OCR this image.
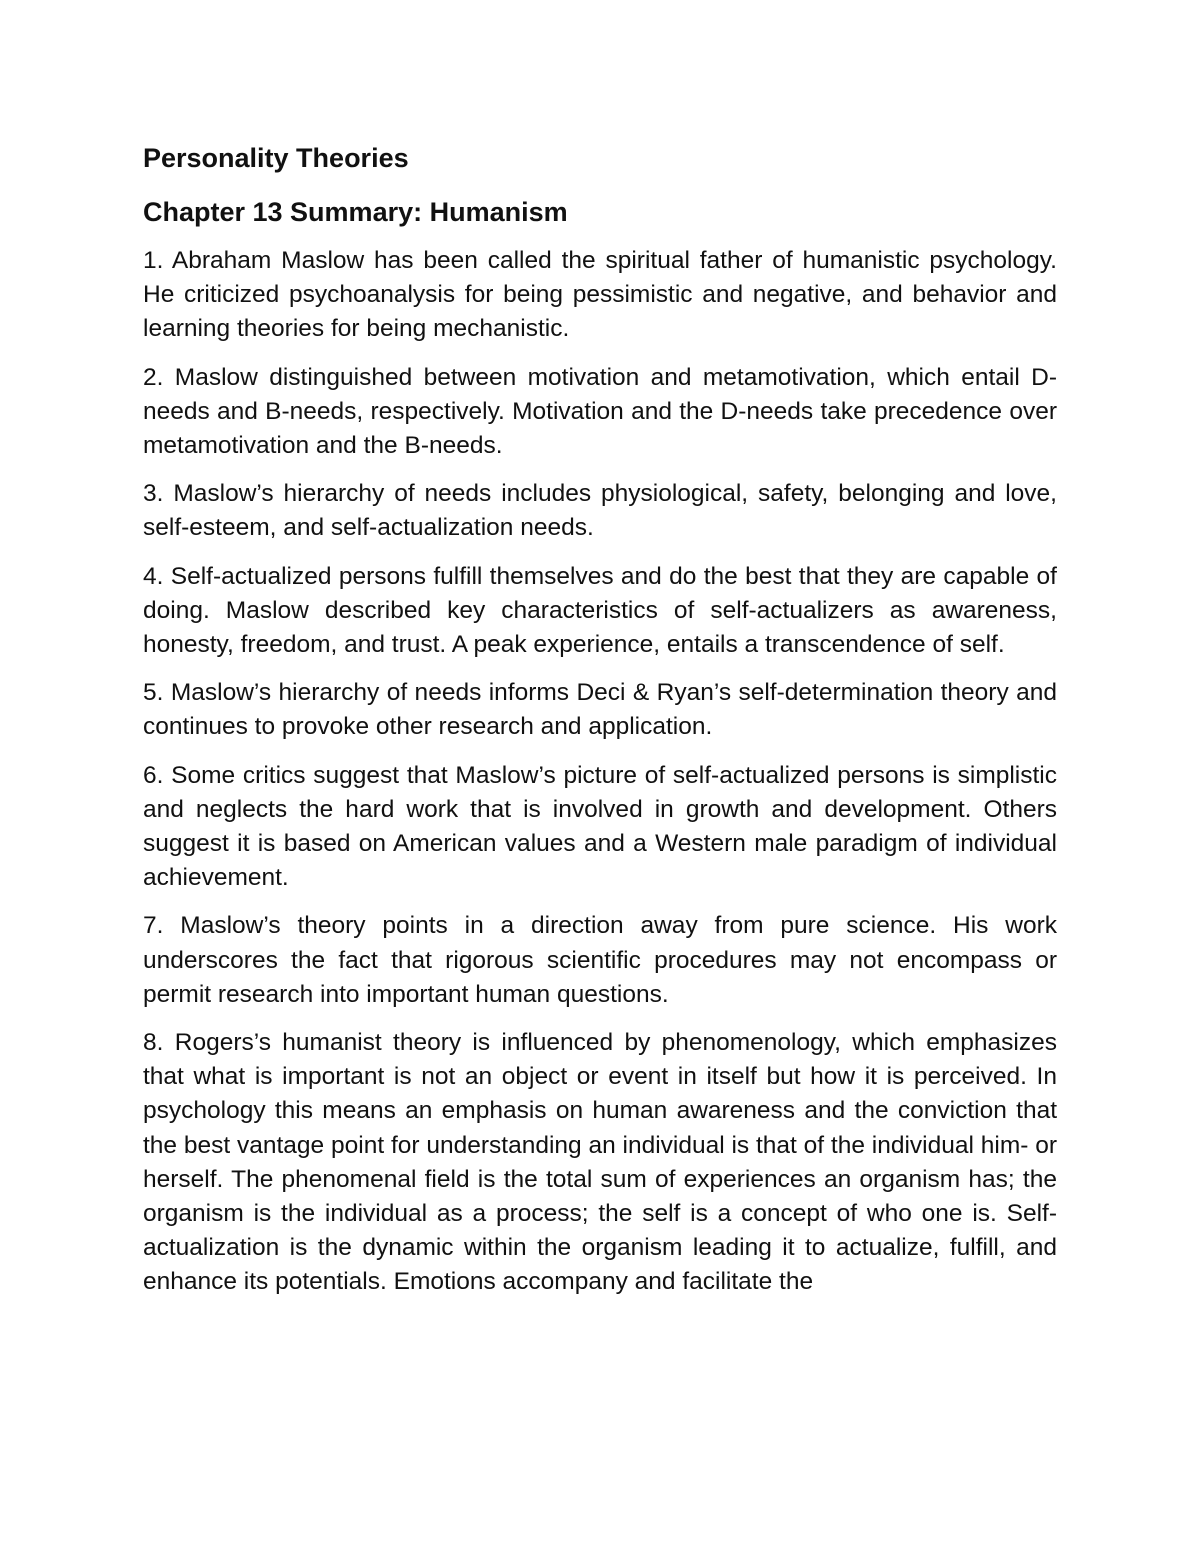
Personality Theories
Chapter 13 Summary: Humanism

1. Abraham Maslow has been called the spiritual father of humanistic psychology. He criticized psychoanalysis for being pessimistic and negative, and behavior and learning theories for being mechanistic.

2. Maslow distinguished between motivation and metamotivation, which entail D-needs and B-needs, respectively. Motivation and the D-needs take precedence over metamotivation and the B-needs.

3. Maslow’s hierarchy of needs includes physiological, safety, belonging and love, self-esteem, and self-actualization needs.

4. Self-actualized persons fulfill themselves and do the best that they are capable of doing. Maslow described key characteristics of self-actualizers as awareness, honesty, freedom, and trust. A peak experience, entails a transcendence of self.

5. Maslow’s hierarchy of needs informs Deci & Ryan’s self-determination theory and continues to provoke other research and application.

6. Some critics suggest that Maslow’s picture of self-actualized persons is simplistic and neglects the hard work that is involved in growth and development. Others suggest it is based on American values and a Western male paradigm of individual achievement.

7. Maslow’s theory points in a direction away from pure science. His work underscores the fact that rigorous scientific procedures may not encompass or permit research into important human questions.

8. Rogers’s humanist theory is influenced by phenomenology, which emphasizes that what is important is not an object or event in itself but how it is perceived. In psychology this means an emphasis on human awareness and the conviction that the best vantage point for understanding an individual is that of the individual him- or herself. The phenomenal field is the total sum of experiences an organism has; the organism is the individual as a process; the self is a concept of who one is. Self-actualization is the dynamic within the organism leading it to actualize, fulfill, and enhance its potentials. Emotions accompany and facilitate the
